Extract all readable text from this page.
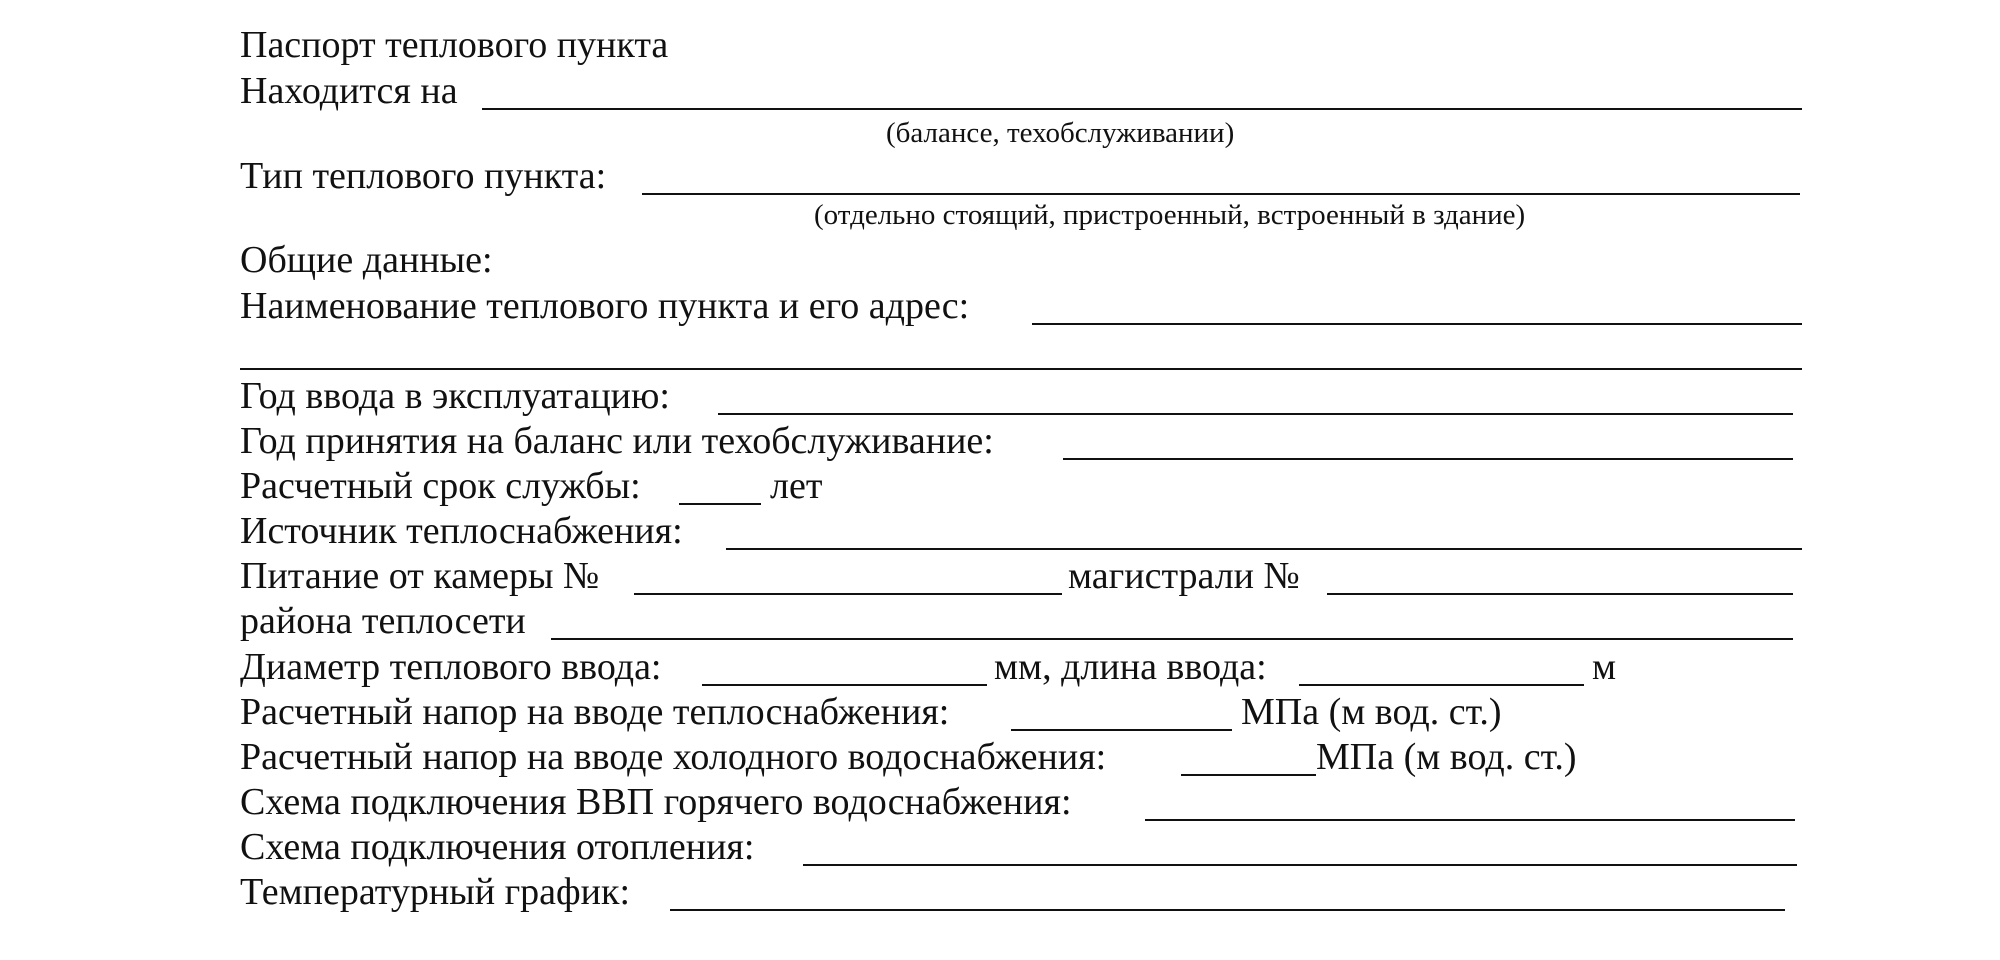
Паспорт теплового пункта
Находится на
(балансе, техобслуживании)
Тип теплового пункта:
(отдельно стоящий, пристроенный, встроенный в здание)
Общие данные:
Наименование теплового пункта и его адрес:
Год ввода в эксплуатацию:
Год принятия на баланс или техобслуживание:
Расчетный срок службы:	лет
Источник теплоснабжения:
Питание от камеры №	магистрали №
района теплосети
Диаметр теплового ввода:	мм, длина ввода:	м
Расчетный напор на вводе теплоснабжения:	МПа (м вод. ст.)
Расчетный напор на вводе холодного водоснабжения:	МПа (м вод. ст.)
Схема подключения ВВП горячего водоснабжения:
Схема подключения отопления:
Температурный график:
